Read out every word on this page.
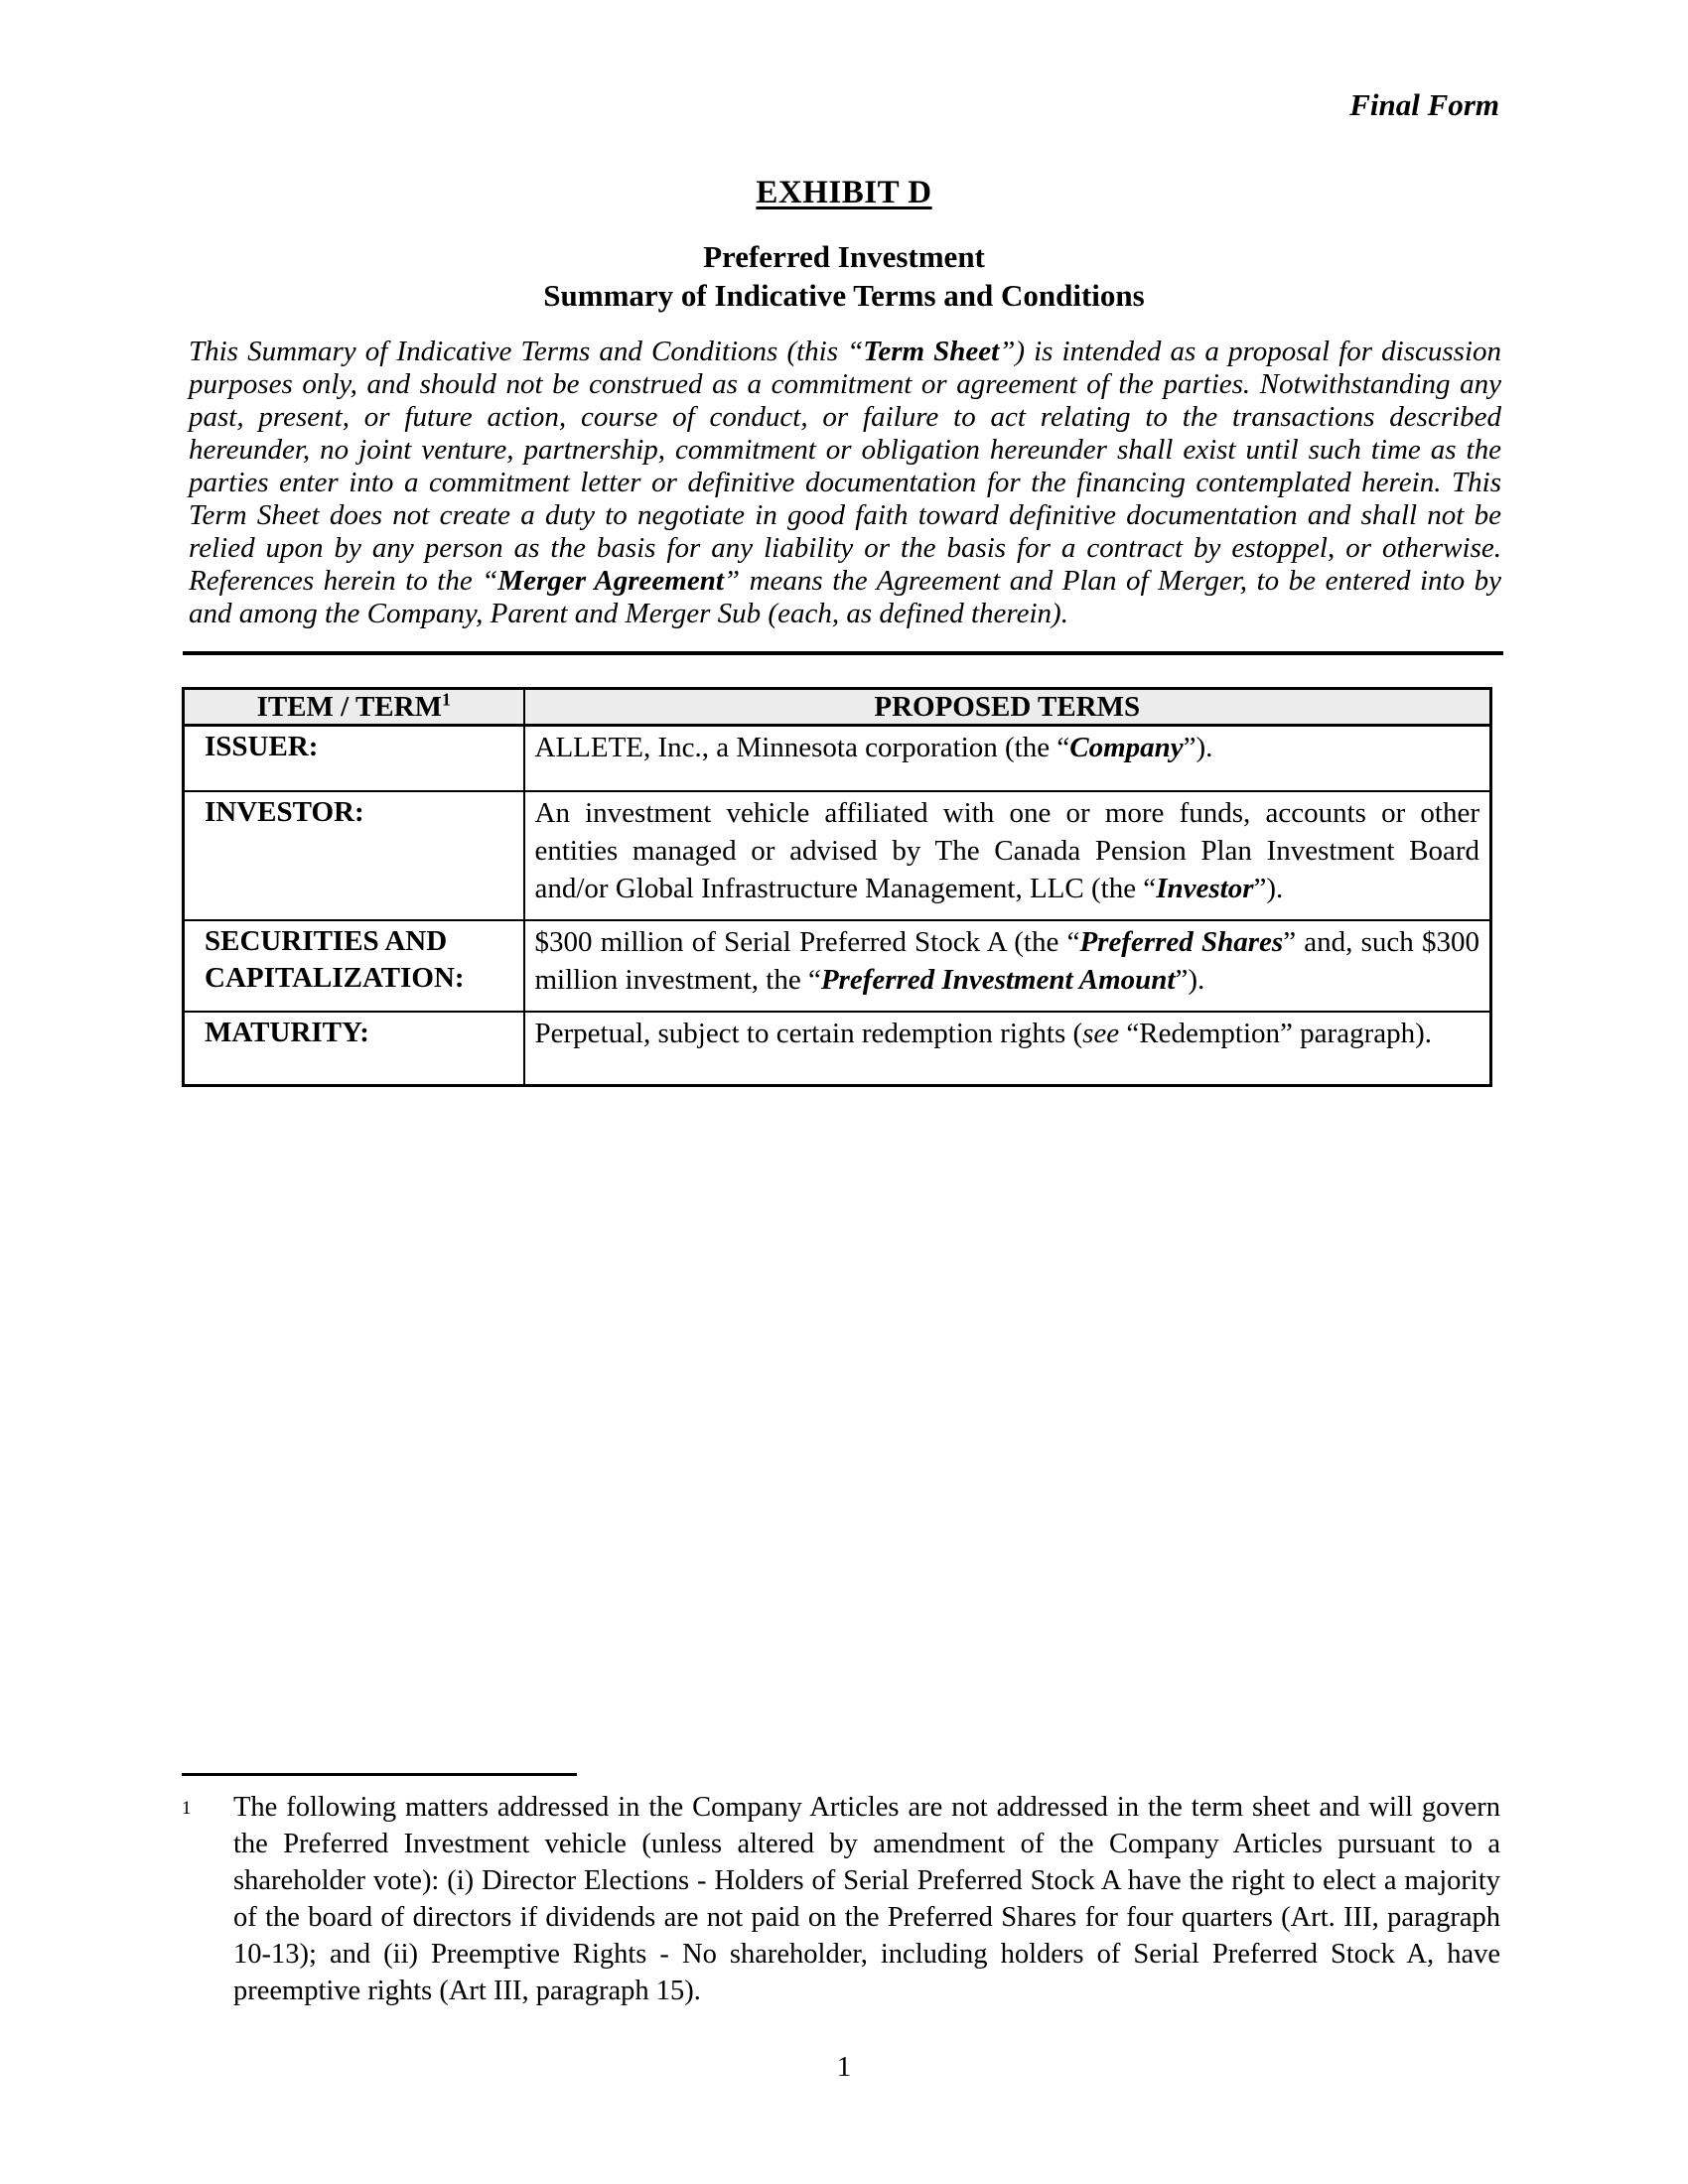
Final Form
EXHIBIT D
Preferred Investment
Summary of Indicative Terms and Conditions

This Summary of Indicative Terms and Conditions (this “Term Sheet”) is intended as a proposal for discussion purposes only, and should not be construed as a commitment or agreement of the parties. Notwithstanding any past, present, or future action, course of conduct, or failure to act relating to the transactions described hereunder, no joint venture, partnership, commitment or obligation hereunder shall exist until such time as the parties enter into a commitment letter or definitive documentation for the financing contemplated herein. This Term Sheet does not create a duty to negotiate in good faith toward definitive documentation and shall not be relied upon by any person as the basis for any liability or the basis for a contract by estoppel, or otherwise. References herein to the “Merger Agreement” means the Agreement and Plan of Merger, to be entered into by and among the Company, Parent and Merger Sub (each, as defined therein).

ITEM / TERM$^1$	PROPOSED TERMS
ISSUER:	ALLETE, Inc., a Minnesota corporation (the “Company”).
INVESTOR:	An investment vehicle affiliated with one or more funds, accounts or other entities managed or advised by The Canada Pension Plan Investment Board and/or Global Infrastructure Management, LLC (the “Investor”).
SECURITIES AND CAPITALIZATION:	$300 million of Serial Preferred Stock A (the “Preferred Shares” and, such $300 million investment, the “Preferred Investment Amount”).
MATURITY:	Perpetual, subject to certain redemption rights (see “Redemption” paragraph).
1	The following matters addressed in the Company Articles are not addressed in the term sheet and will govern the Preferred Investment vehicle (unless altered by amendment of the Company Articles pursuant to a shareholder vote): (i) Director Elections - Holders of Serial Preferred Stock A have the right to elect a majority of the board of directors if dividends are not paid on the Preferred Shares for four quarters (Art. III, paragraph 10-13); and (ii) Preemptive Rights - No shareholder, including holders of Serial Preferred Stock A, have preemptive rights (Art III, paragraph 15).
1
